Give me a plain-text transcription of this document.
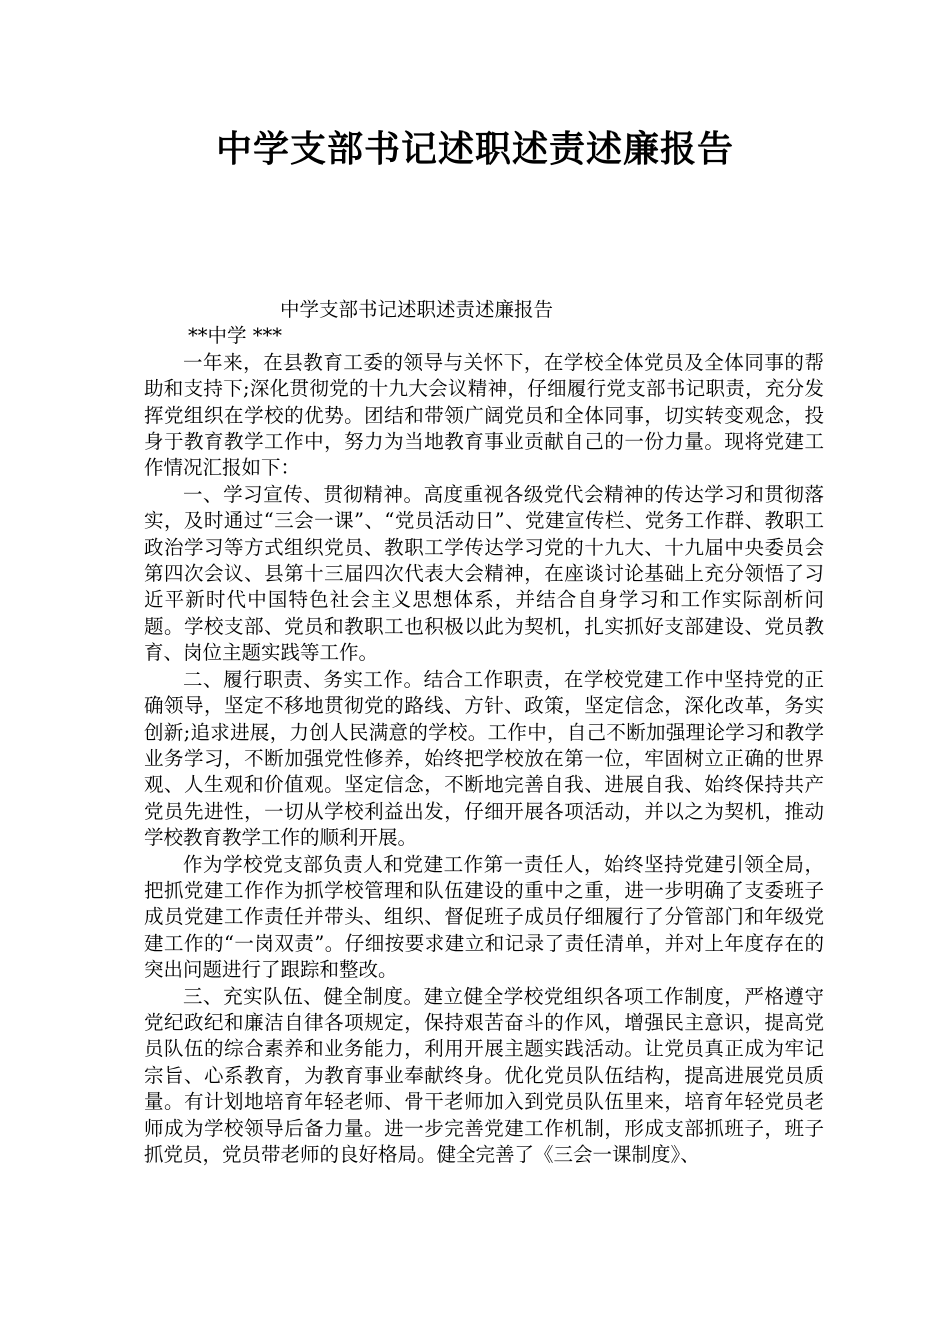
中学支部书记述职述责述廉报告

中学支部书记述职述责述廉报告

**中学 ***

一年来，在县教育工委的领导与关怀下，在学校全体党员及全体同事的帮助和支持下;深化贯彻党的十九大会议精神，仔细履行党支部书记职责，充分发挥党组织在学校的优势。团结和带领广阔党员和全体同事，切实转变观念，投身于教育教学工作中，努力为当地教育事业贡献自己的一份力量。现将党建工作情况汇报如下：

一、学习宣传、贯彻精神。高度重视各级党代会精神的传达学习和贯彻落实，及时通过“三会一课”、“党员活动日”、党建宣传栏、党务工作群、教职工政治学习等方式组织党员、教职工学传达学习党的十九大、十九届中央委员会第四次会议、县第十三届四次代表大会精神，在座谈讨论基础上充分领悟了习近平新时代中国特色社会主义思想体系，并结合自身学习和工作实际剖析问题。学校支部、党员和教职工也积极以此为契机，扎实抓好支部建设、党员教育、岗位主题实践等工作。

二、履行职责、务实工作。结合工作职责，在学校党建工作中坚持党的正确领导，坚定不移地贯彻党的路线、方针、政策，坚定信念，深化改革，务实创新;追求进展，力创人民满意的学校。工作中，自己不断加强理论学习和教学业务学习，不断加强党性修养，始终把学校放在第一位，牢固树立正确的世界观、人生观和价值观。坚定信念，不断地完善自我、进展自我、始终保持共产党员先进性，一切从学校利益出发，仔细开展各项活动，并以之为契机，推动学校教育教学工作的顺利开展。

作为学校党支部负责人和党建工作第一责任人，始终坚持党建引领全局，把抓党建工作作为抓学校管理和队伍建设的重中之重，进一步明确了支委班子成员党建工作责任并带头、组织、督促班子成员仔细履行了分管部门和年级党建工作的“一岗双责”。仔细按要求建立和记录了责任清单，并对上年度存在的突出问题进行了跟踪和整改。

三、充实队伍、健全制度。建立健全学校党组织各项工作制度，严格遵守党纪政纪和廉洁自律各项规定，保持艰苦奋斗的作风，增强民主意识，提高党员队伍的综合素养和业务能力，利用开展主题实践活动。让党员真正成为牢记宗旨、心系教育，为教育事业奉献终身。优化党员队伍结构，提高进展党员质量。有计划地培育年轻老师、骨干老师加入到党员队伍里来，培育年轻党员老师成为学校领导后备力量。进一步完善党建工作机制，形成支部抓班子，班子抓党员，党员带老师的良好格局。健全完善了《三会一课制度》、
